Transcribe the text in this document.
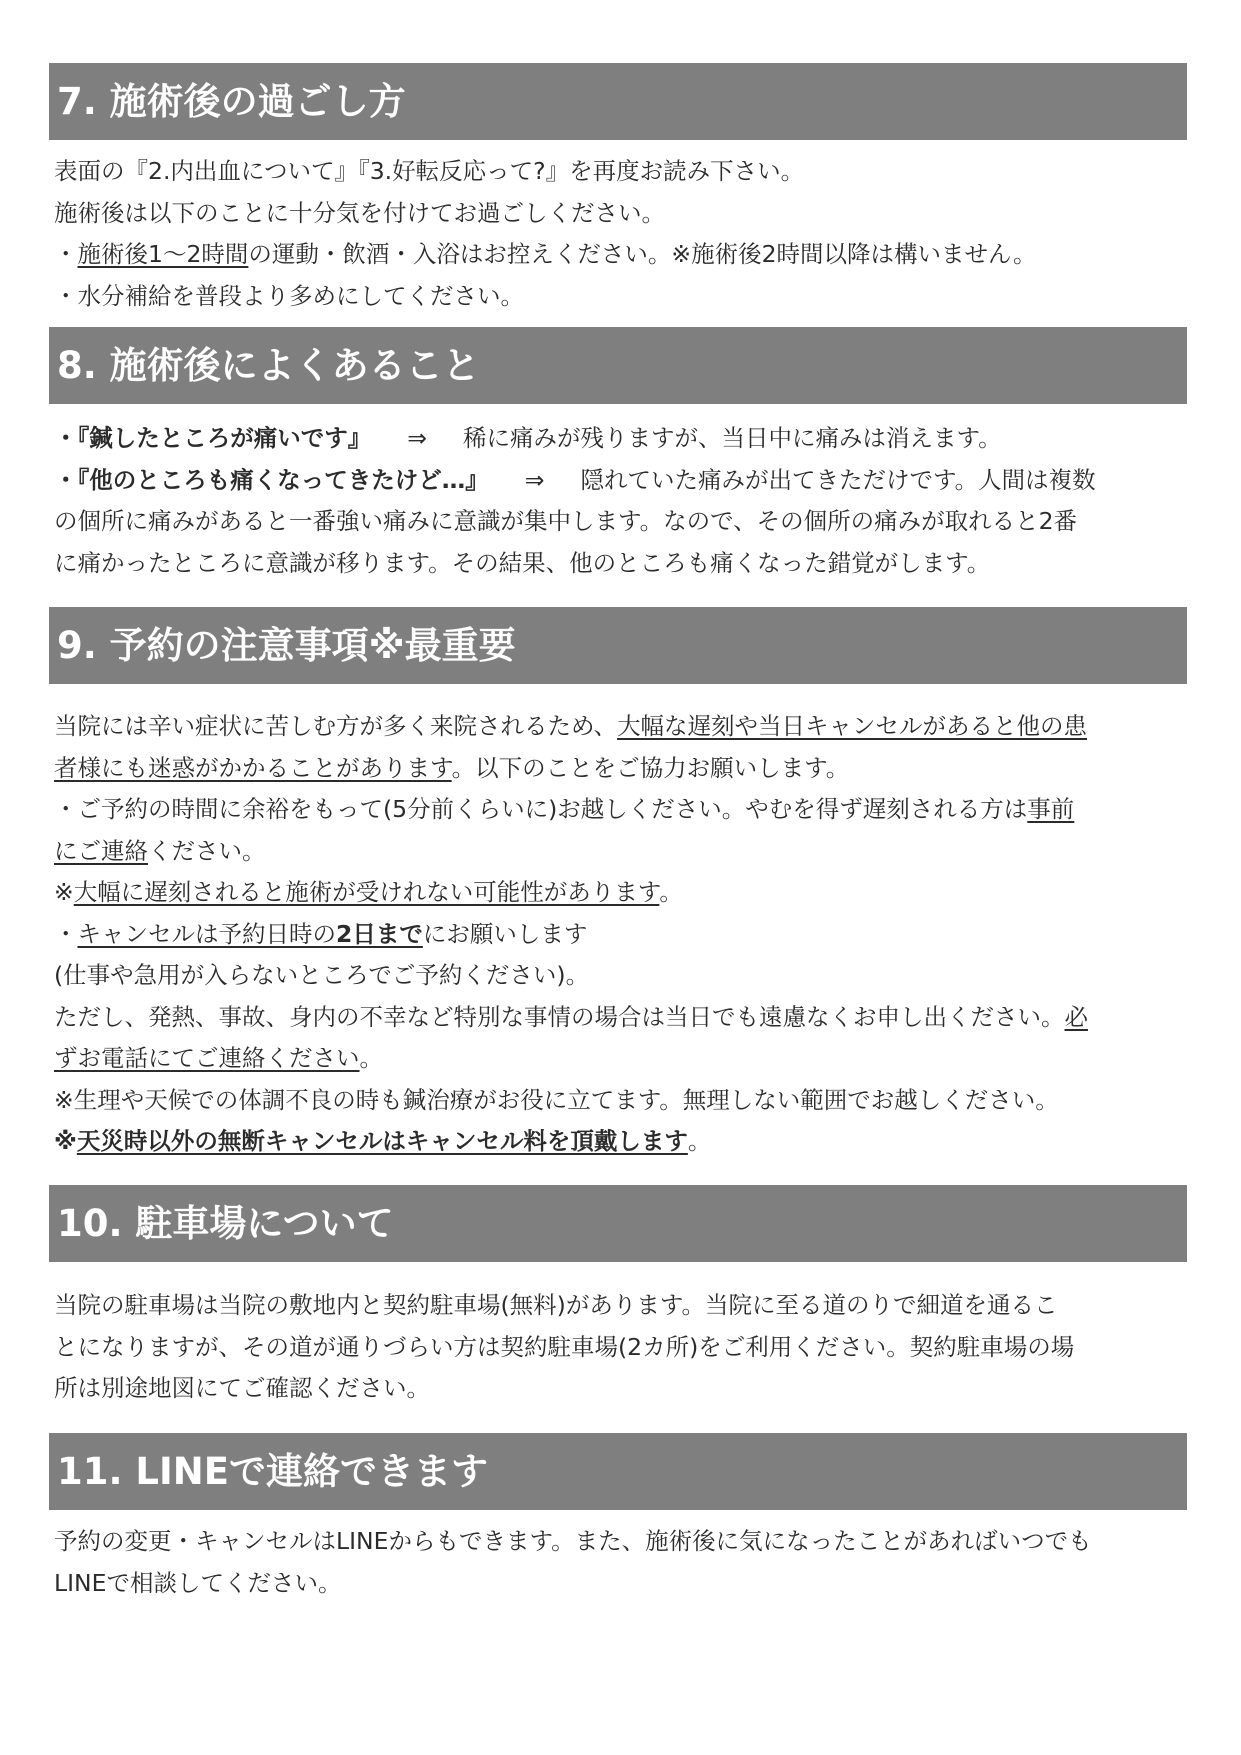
7. 施術後の過ごし方
表面の『2.内出血について』『3.好転反応って?』を再度お読み下さい。
施術後は以下のことに十分気を付けてお過ごしください。
・施術後1〜2時間の運動・飲酒・入浴はお控えください。※施術後2時間以降は構いません。
・水分補給を普段より多めにしてください。
8. 施術後によくあること
・『鍼したところが痛いです』 ⇒ 稀に痛みが残りますが、当日中に痛みは消えます。
・『他のところも痛くなってきたけど…』 ⇒ 隠れていた痛みが出てきただけです。人間は複数
の個所に痛みがあると一番強い痛みに意識が集中します。なので、その個所の痛みが取れると2番
に痛かったところに意識が移ります。その結果、他のところも痛くなった錯覚がします。
9. 予約の注意事項※最重要
当院には辛い症状に苦しむ方が多く来院されるため、大幅な遅刻や当日キャンセルがあると他の患
者様にも迷惑がかかることがあります。以下のことをご協力お願いします。
・ご予約の時間に余裕をもって(5分前くらいに)お越しください。やむを得ず遅刻される方は事前
にご連絡ください。
※大幅に遅刻されると施術が受けれない可能性があります。
・キャンセルは予約日時の2日までにお願いします
(仕事や急用が入らないところでご予約ください)。
ただし、発熱、事故、身内の不幸など特別な事情の場合は当日でも遠慮なくお申し出ください。必
ずお電話にてご連絡ください。
※生理や天候での体調不良の時も鍼治療がお役に立てます。無理しない範囲でお越しください。
※天災時以外の無断キャンセルはキャンセル料を頂戴します。
10. 駐車場について
当院の駐車場は当院の敷地内と契約駐車場(無料)があります。当院に至る道のりで細道を通るこ
とになりますが、その道が通りづらい方は契約駐車場(2カ所)をご利用ください。契約駐車場の場
所は別途地図にてご確認ください。
11. LINEで連絡できます
予約の変更・キャンセルはLINEからもできます。また、施術後に気になったことがあればいつでも
LINEで相談してください。
